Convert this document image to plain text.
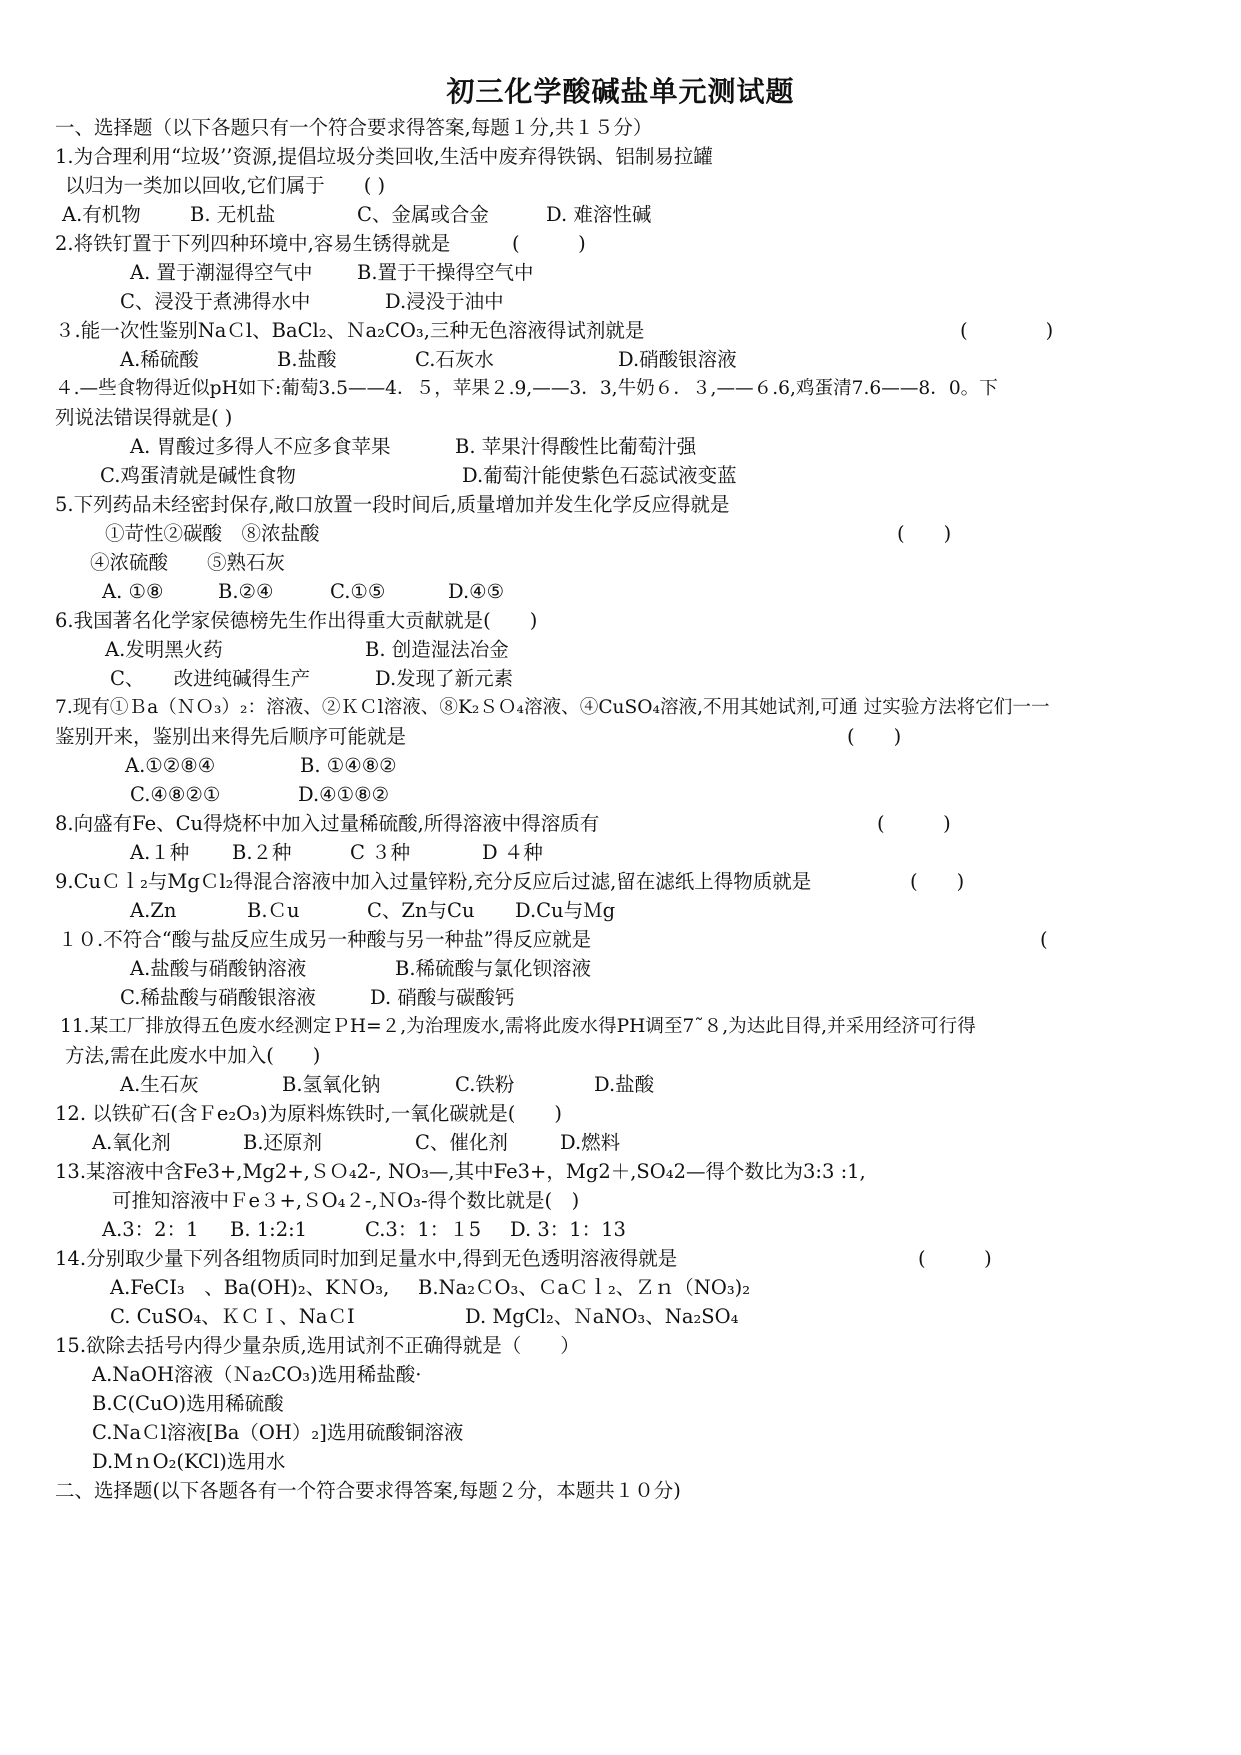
初三化学酸碱盐单元测试题
一、选择题（以下各题只有一个符合要求得答案,每题１分,共１５分）
1.为合理利用“垃圾’’资源,提倡垃圾分类回收,生活中废弃得铁锅、铝制易拉罐
以归为一类加以回收,它们属于　　( )
A.有机物	B. 无机盐	C、金属或合金	D. 难溶性碱
2.将铁钉置于下列四种环境中,容易生锈得就是	(　　　)
A. 置于潮湿得空气中 B.置于干操得空气中
C、浸没于煮沸得水中	D.浸没于油中
３.能一次性鉴别NaＣl、BaCl₂、Ｎa₂CO₃,三种无色溶液得试剂就是	(　　　　)
A.稀硫酸	B.盐酸	C.石灰水	D.硝酸银溶液
４.—些食物得近似pH如下:葡萄3.5——4．５，苹果２.9,——3．3,牛奶６．３,——６.6,鸡蛋清7.6——8．0。下
列说法错误得就是( )
A. 胃酸过多得人不应多食苹果	B. 苹果汁得酸性比葡萄汁强
C.鸡蛋清就是碱性食物	D.葡萄汁能使紫色石蕊试液变蓝
5.下列药品未经密封保存,敞口放置一段时间后,质量增加并发生化学反应得就是
①苛性②碳酸　⑧浓盐酸	(　　)
④浓硫酸　　⑤熟石灰
A. ①⑧	B.②④	C.①⑤	D.④⑤
6.我国著名化学家侯德榜先生作出得重大贡献就是(　　)
A.发明黑火药	B. 创造湿法冶金
C、　　改进纯碱得生产	D.发现了新元素
7.现有①Ｂa（ＮＯ₃）₂：溶液、②ＫＣl溶液、⑧K₂ＳＯ₄溶液、④CuSO₄溶液,不用其她试剂,可通 过实验方法将它们一一
鉴别开来，鉴别出来得先后顺序可能就是	(　　)
A.①②⑧④	B. ①④⑧②
C.④⑧②①	D.④①⑧②
8.向盛有Fe、Cu得烧杯中加入过量稀硫酸,所得溶液中得溶质有	(　　　)
A.１种 B.２种	C ３种	D ４种
9.CuＣｌ₂与MgＣl₂得混合溶液中加入过量锌粉,充分反应后过滤,留在滤纸上得物质就是	(　　)
A.Zn	B.Ｃu	C、Zn与Cu D.Cu与Ｍg
１０.不符合“酸与盐反应生成另一种酸与另一种盐”得反应就是	(
A.盐酸与硝酸钠溶液	B.稀硫酸与氯化钡溶液
C.稀盐酸与硝酸银溶液	D. 硝酸与碳酸钙
11.某工厂排放得五色废水经测定ＰH=２,为治理废水,需将此废水得PH调至7˜８,为达此目得,并采用经济可行得
方法,需在此废水中加入(　　)
A.生石灰	B.氢氧化钠	C.铁粉	D.盐酸
12. 以铁矿石(含Ｆe₂O₃)为原料炼铁时,一氧化碳就是(　　)
A.氧化剂	B.还原剂	C、催化剂	D.燃料
13.某溶液中含Fe3+,Mg2+,ＳＯ₄2-, NO₃—,其中Fe3+，Mg2＋,SO₄2—得个数比为3:3 :1,
可推知溶液中Ｆe３+,ＳO₄２-,ＮO₃-得个数比就是(　)
A.3：2：1 B. 1:2:1	C.3：1：１5 D. 3：1：13
14.分别取少量下列各组物质同时加到足量水中,得到无色透明溶液得就是	(　　　)
A.FeCI₃　、Ba(OH)₂、KＮO₃, B.Na₂ＣO₃、ＣaＣｌ₂、Ｚｎ（NO₃)₂
C. CuSO₄、ＫＣＩ、NaＣI	D. MgCl₂、ＮaNO₃、Na₂SO₄
15.欲除去括号内得少量杂质,选用试剂不正确得就是（　　）
A.NaOH溶液（Ｎa₂CO₃)选用稀盐酸·
B.C(CuO)选用稀硫酸
C.NaＣl溶液[Ba（OH）₂]选用硫酸铜溶液
D.MｎO₂(KCl)选用水
二、选择题(以下各题各有一个符合要求得答案,每题２分，本题共１０分)
